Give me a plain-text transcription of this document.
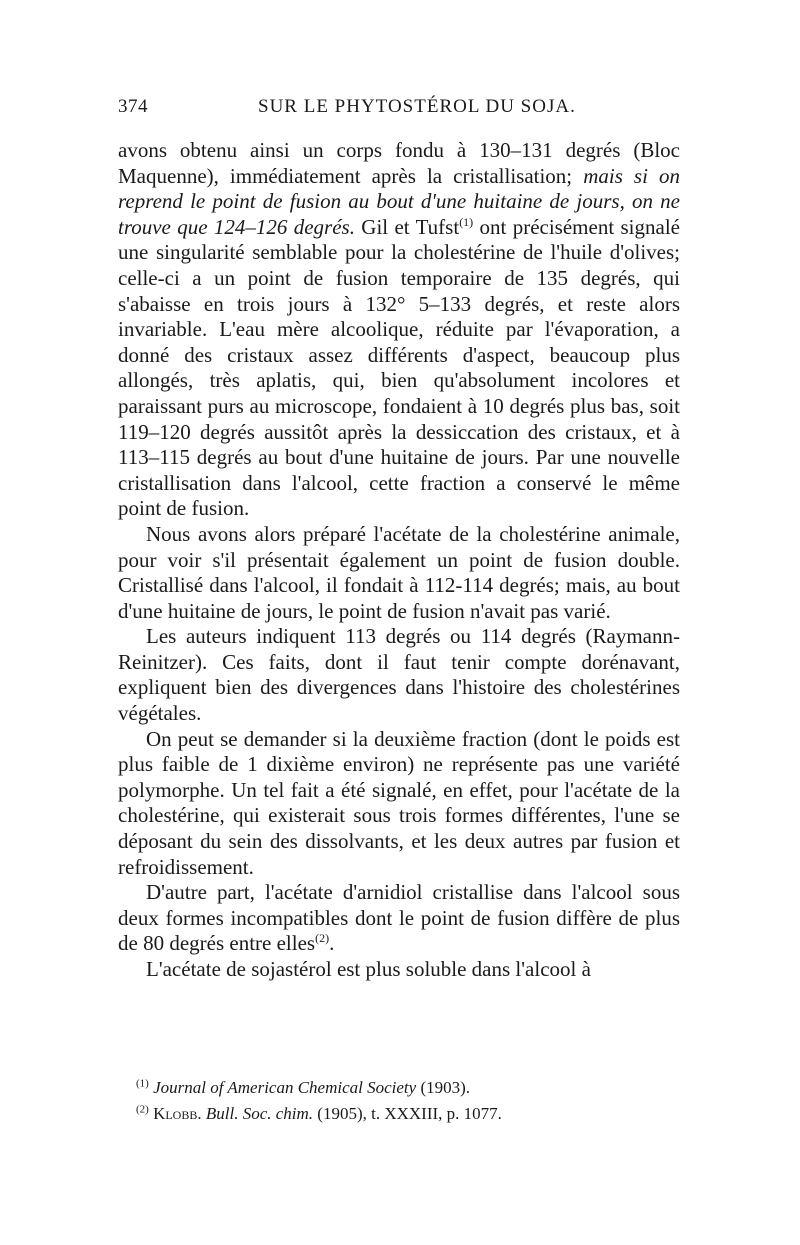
374	SUR LE PHYTOSTÉROL DU SOJA.

avons obtenu ainsi un corps fondu à 130–131 degrés (Bloc Maquenne), immédiatement après la cristallisation; mais si on reprend le point de fusion au bout d'une huitaine de jours, on ne trouve que 124–126 degrés. Gil et Tufst$^{(1)}$ ont précisément signalé une singularité semblable pour la cholestérine de l'huile d'olives; celle-ci a un point de fusion temporaire de 135 degrés, qui s'abaisse en trois jours à 132° 5–133 degrés, et reste alors invariable. L'eau mère alcoolique, réduite par l'évaporation, a donné des cristaux assez différents d'aspect, beaucoup plus allongés, très aplatis, qui, bien qu'absolument incolores et paraissant purs au microscope, fondaient à 10 degrés plus bas, soit 119–120 degrés aussitôt après la dessiccation des cristaux, et à 113–115 degrés au bout d'une huitaine de jours. Par une nouvelle cristallisation dans l'alcool, cette fraction a conservé le même point de fusion.

Nous avons alors préparé l'acétate de la cholestérine animale, pour voir s'il présentait également un point de fusion double. Cristallisé dans l'alcool, il fondait à 112-114 degrés; mais, au bout d'une huitaine de jours, le point de fusion n'avait pas varié.

Les auteurs indiquent 113 degrés ou 114 degrés (Raymann-Reinitzer). Ces faits, dont il faut tenir compte dorénavant, expliquent bien des divergences dans l'histoire des cholestérines végétales.

On peut se demander si la deuxième fraction (dont le poids est plus faible de 1 dixième environ) ne représente pas une variété polymorphe. Un tel fait a été signalé, en effet, pour l'acétate de la cholestérine, qui existerait sous trois formes différentes, l'une se déposant du sein des dissolvants, et les deux autres par fusion et refroidissement.

D'autre part, l'acétate d'arnidiol cristallise dans l'alcool sous deux formes incompatibles dont le point de fusion diffère de plus de 80 degrés entre elles$^{(2)}$.

L'acétate de sojastérol est plus soluble dans l'alcool à

$^{(1)}$ Journal of American Chemical Society (1903).
$^{(2)}$ Klobb. Bull. Soc. chim. (1905), t. XXXIII, p. 1077.
